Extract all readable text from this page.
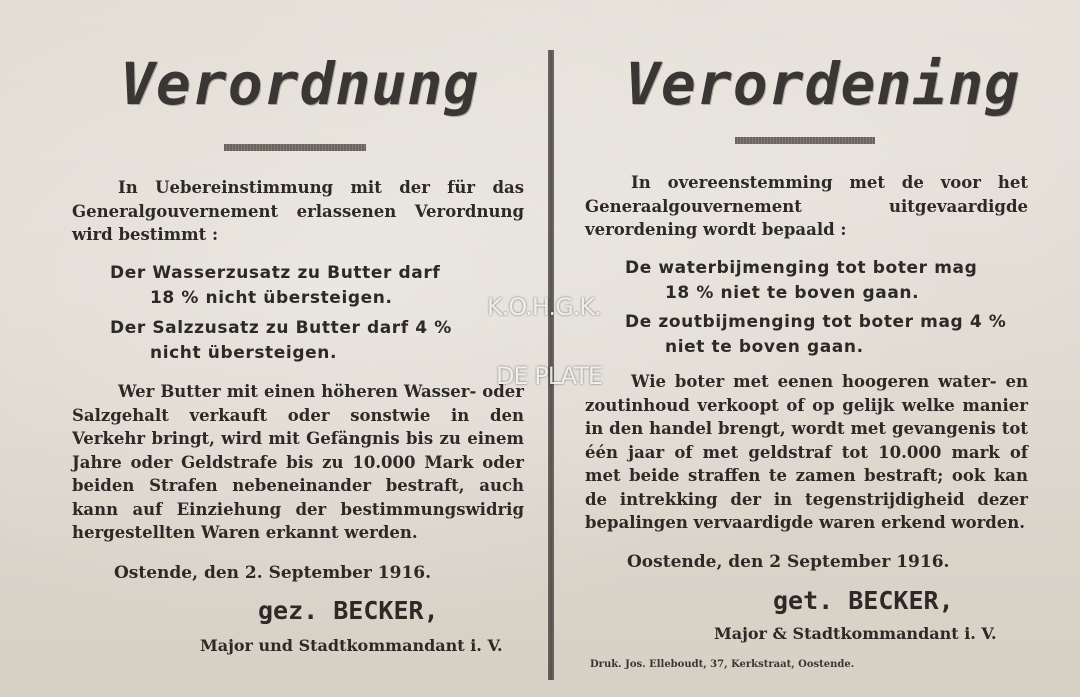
Verordnung
In Uebereinstimmung mit der für das Generalgouvernement erlassenen Verordnung wird bestimmt :
Der Wasserzusatz zu Butter darf
18 % nicht übersteigen.
Der Salzzusatz zu Butter darf 4 %
nicht übersteigen.
Wer Butter mit einen höheren Wasser- oder Salzgehalt verkauft oder sonstwie in den Verkehr bringt, wird mit Gefängnis bis zu einem Jahre oder Geldstrafe bis zu 10.000 Mark oder beiden Strafen nebeneinander bestraft, auch kann auf Einziehung der bestimmungswidrig hergestellten Waren erkannt werden.
Ostende, den 2. September 1916.
gez. BECKER,
Major und Stadtkommandant i. V.
Verordening
In overeenstemming met de voor het Generaalgouvernement uitgevaardigde verordening wordt bepaald :
De waterbijmenging tot boter mag
18 % niet te boven gaan.
De zoutbijmenging tot boter mag 4 %
niet te boven gaan.
Wie boter met eenen hoogeren water- en zoutinhoud verkoopt of op gelijk welke manier in den handel brengt, wordt met gevangenis tot één jaar of met geldstraf tot 10.000 mark of met beide straffen te zamen bestraft; ook kan de intrekking der in tegenstrijdigheid dezer bepalingen vervaardigde waren erkend worden.
Oostende, den 2 September 1916.
get. BECKER,
Major & Stadtkommandant i. V.
Druk. Jos. Elleboudt, 37, Kerkstraat, Oostende.
K.O.H.G.K.
DE PLATE
